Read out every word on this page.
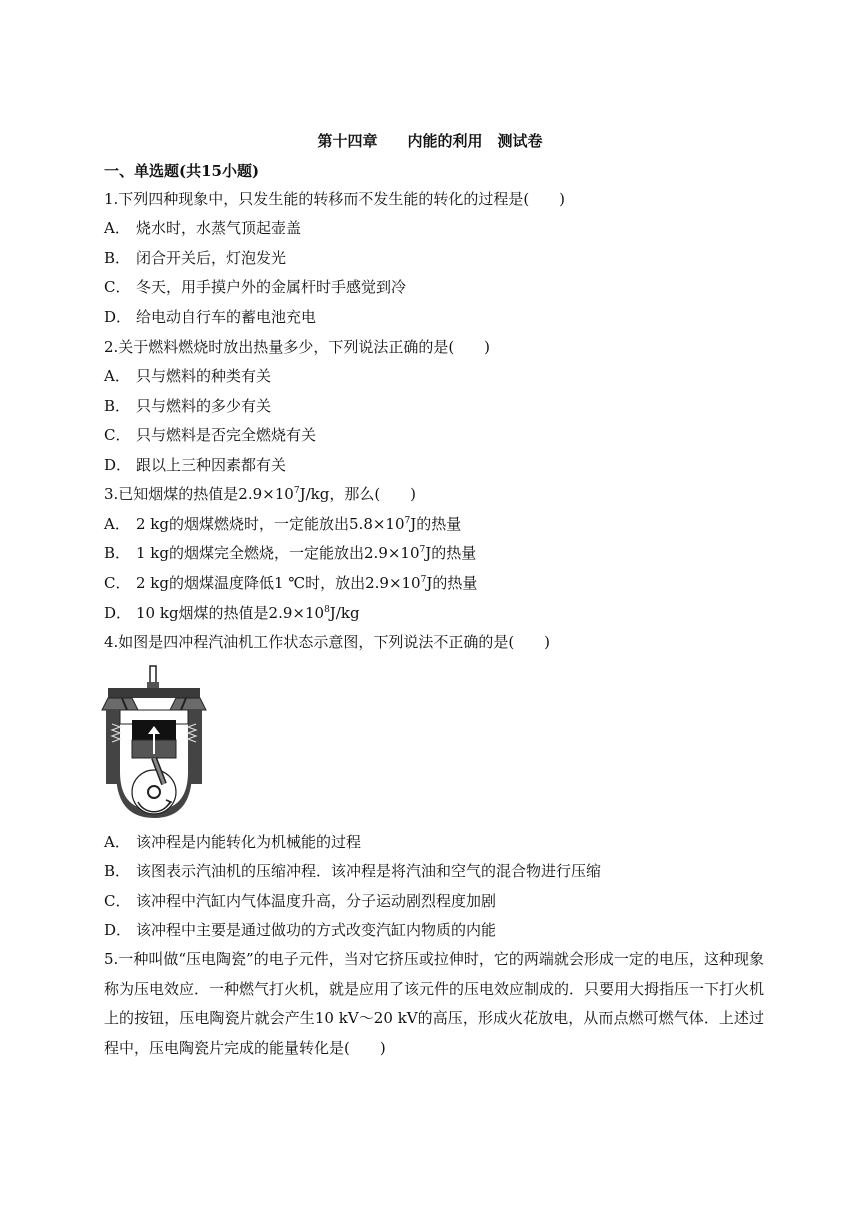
第十四章　　内能的利用　测试卷
一、单选题(共15小题)
1.下列四种现象中，只发生能的转移而不发生能的转化的过程是(　　)
A． 烧水时，水蒸气顶起壶盖
B． 闭合开关后，灯泡发光
C． 冬天，用手摸户外的金属杆时手感觉到冷
D． 给电动自行车的蓄电池充电
2.关于燃料燃烧时放出热量多少，下列说法正确的是(　　)
A． 只与燃料的种类有关
B． 只与燃料的多少有关
C． 只与燃料是否完全燃烧有关
D． 跟以上三种因素都有关
3.已知烟煤的热值是$2.9\times 10^7J/kg$，那么(　　)
A． 2 kg的烟煤燃烧时，一定能放出$5.8\times 10^7J$的热量
B． 1 kg的烟煤完全燃烧，一定能放出$2.9\times 10^7J$的热量
C． 2 kg的烟煤温度降低1 ℃时，放出$2.9\times 10^7J$的热量
D． 10 kg烟煤的热值是$2.9\times 10^8J/kg$
4.如图是四冲程汽油机工作状态示意图，下列说法不正确的是(　　)
A． 该冲程是内能转化为机械能的过程
B． 该图表示汽油机的压缩冲程．该冲程是将汽油和空气的混合物进行压缩
C． 该冲程中汽缸内气体温度升高，分子运动剧烈程度加剧
D． 该冲程中主要是通过做功的方式改变汽缸内物质的内能
5.一种叫做“压电陶瓷”的电子元件，当对它挤压或拉伸时，它的两端就会形成一定的电压，这种现象称为压电效应．一种燃气打火机，就是应用了该元件的压电效应制成的．只要用大拇指压一下打火机上的按钮，压电陶瓷片就会产生10 kV～20 kV的高压，形成火花放电，从而点燃可燃气体．上述过程中，压电陶瓷片完成的能量转化是(　　)
